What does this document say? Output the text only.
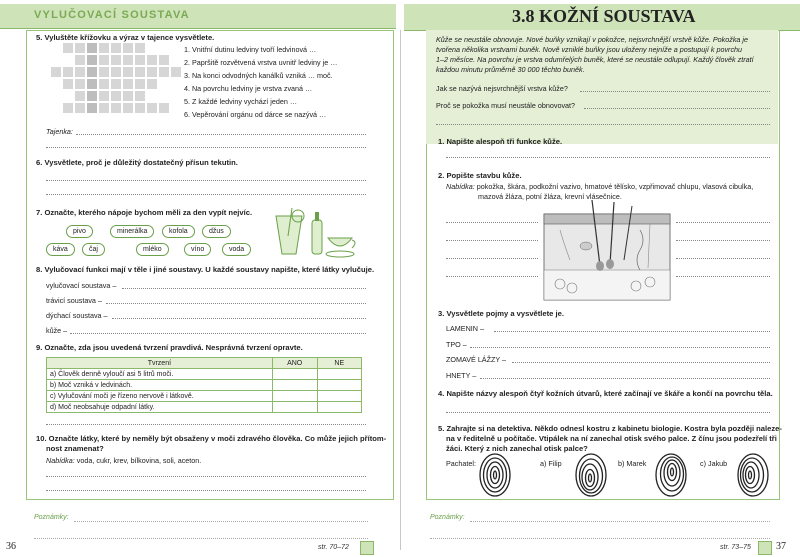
VYLUČOVACÍ SOUSTAVA
5. Vyluštěte křížovku a výraz v tajence vysvětlete.
1. Vnitřní dutinu ledviny tvoří ledvinová …
2. Papršitě rozvětvená vrstva uvnitř ledviny je …
3. Na konci odvodných kanálků vzniká … moč.
4. Na povrchu ledviny je vrstva zvaná …
5. Z každé ledviny vychází jeden …
6. Vepěrování orgánu od dárce se nazývá …
Tajenka:
6. Vysvětlete, proč je důležitý dostatečný přísun tekutin.
7. Označte, kterého nápoje bychom měli za den vypít nejvíc.
pivo	minerálka	kofola	džus
káva	čaj	mléko	víno	voda
8. Vylučovací funkci mají v těle i jiné soustavy. U každé soustavy napište, které látky vylučuje.
vylučovací soustava –
trávicí soustava –
dýchací soustava –
kůže –
9. Označte, zda jsou uvedená tvrzení pravdivá. Nesprávná tvrzení opravte.
Tvrzení	ANO	NE
a) Člověk denně vyloučí asi 5 litrů moči.		
b) Moč vzniká v ledvinách.		
c) Vylučování moči je řízeno nervově i látkově.		
d) Moč neobsahuje odpadní látky.		
10. Označte látky, které by neměly být obsaženy v moči zdravého člověka. Co může jejich přítom-
nost znamenat?
Nabídka: voda, cukr, krev, bílkovina, soli, aceton.
Poznámky:
36	str. 70–72
3.8 KOŽNÍ SOUSTAVA
Kůže se neustále obnovuje. Nové buňky vznikají v pokožce, nejsvrchnější vrstvě kůže. Pokožka je
tvořena několika vrstvami buněk. Nově vzniklé buňky jsou uloženy nejníže a postupují k povrchu
1–2 měsíce. Na povrchu je vrstva odumřelých buněk, které se neustále odlupují. Každý člověk ztratí
každou minutu průměrně 30 000 těchto buněk.
Jak se nazývá nejsvrchnější vrstva kůže?
Proč se pokožka musí neustále obnovovat?
1. Napište alespoň tři funkce kůže.
2. Popište stavbu kůže.
Nabídka: pokožka, škára, podkožní vazivo, hmatové tělísko, vzpřimovač chlupu, vlasová cibulka,
mazová žláza, potní žláza, krevní vlásečnice.
3. Vysvětlete pojmy a vysvětlete je.
LAMENIN –
TPO –
ZOMAVÉ LÁŽZY –
HNETY –
4. Napište názvy alespoň čtyř kožních útvarů, které začínají ve škáře a končí na povrchu těla.
5. Zahrajte si na detektiva. Někdo odnesl kostru z kabinetu biologie. Kostra byla později naleze-
na v ředitelně u počítače. Vtipálek na ní zanechal otisk svého palce. Z čínu jsou podezřelí tři
žáci. Který z nich zanechal otisk palce?
Pachatel:	a) Filip	b) Marek	c) Jakub
Poznámky:
str. 73–75	37
